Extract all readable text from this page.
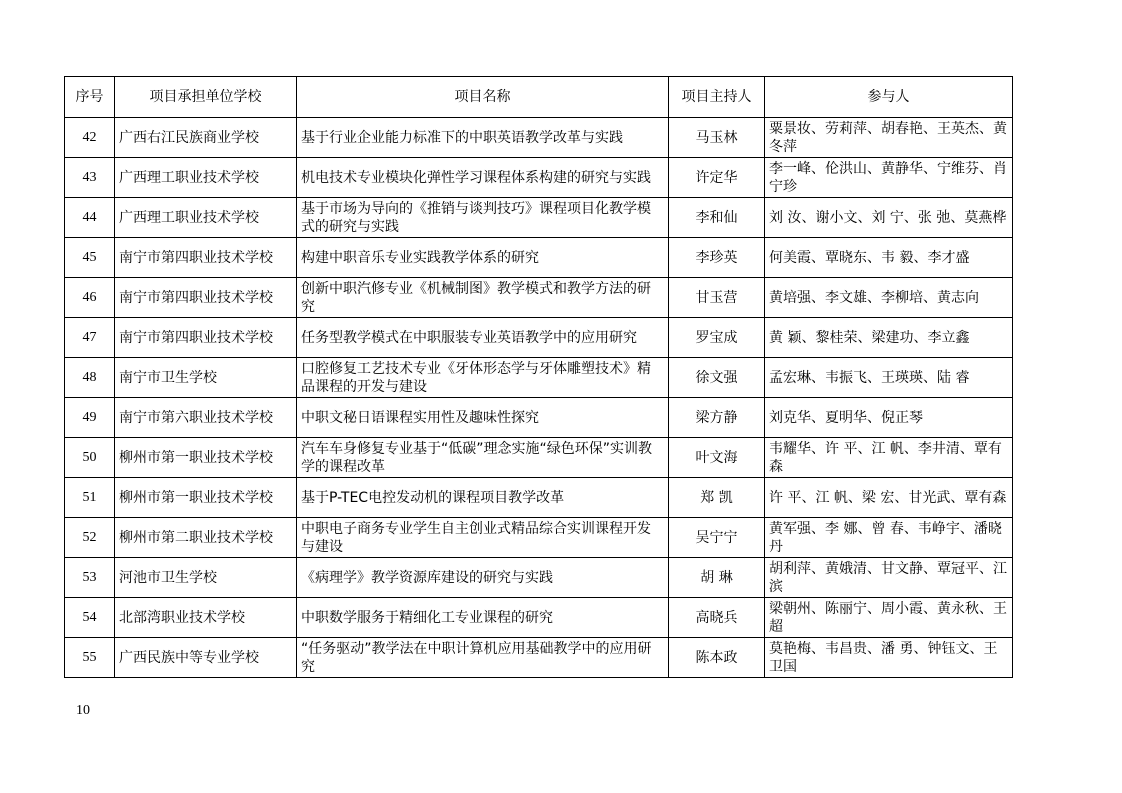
序号	项目承担单位学校	项目名称	项目主持人	参与人
42	广西右江民族商业学校	基于行业企业能力标准下的中职英语教学改革与实践	马玉林	粟景妆、劳莉萍、胡春艳、王英杰、黄冬萍
43	广西理工职业技术学校	机电技术专业模块化弹性学习课程体系构建的研究与实践	许定华	李一峰、伦洪山、黄静华、宁维芬、肖宁珍
44	广西理工职业技术学校	基于市场为导向的《推销与谈判技巧》课程项目化教学模式的研究与实践	李和仙	刘 汝、谢小文、刘 宁、张 弛、莫燕桦
45	南宁市第四职业技术学校	构建中职音乐专业实践教学体系的研究	李珍英	何美霞、覃晓东、韦 毅、李才盛
46	南宁市第四职业技术学校	创新中职汽修专业《机械制图》教学模式和教学方法的研究	甘玉营	黄培强、李文雄、李柳培、黄志向
47	南宁市第四职业技术学校	任务型教学模式在中职服装专业英语教学中的应用研究	罗宝成	黄 颖、黎桂荣、梁建功、李立鑫
48	南宁市卫生学校	口腔修复工艺技术专业《牙体形态学与牙体雕塑技术》精品课程的开发与建设	徐文强	孟宏琳、韦振飞、王瑛瑛、陆 睿
49	南宁市第六职业技术学校	中职文秘日语课程实用性及趣味性探究	梁方静	刘克华、夏明华、倪正琴
50	柳州市第一职业技术学校	汽车车身修复专业基于“低碳”理念实施“绿色环保”实训教学的课程改革	叶文海	韦耀华、许 平、江 帆、李井清、覃有森
51	柳州市第一职业技术学校	基于P-TEC电控发动机的课程项目教学改革	郑 凯	许 平、江 帆、梁 宏、甘光武、覃有森
52	柳州市第二职业技术学校	中职电子商务专业学生自主创业式精品综合实训课程开发与建设	吴宁宁	黄军强、李 娜、曾 春、韦峥宇、潘晓丹
53	河池市卫生学校	《病理学》教学资源库建设的研究与实践	胡 琳	胡利萍、黄娥清、甘文静、覃冠平、江滨
54	北部湾职业技术学校	中职数学服务于精细化工专业课程的研究	高晓兵	梁朝州、陈丽宁、周小霞、黄永秋、王 超
55	广西民族中等专业学校	“任务驱动”教学法在中职计算机应用基础教学中的应用研究	陈本政	莫艳梅、韦昌贵、潘 勇、钟钰文、王卫国
10
